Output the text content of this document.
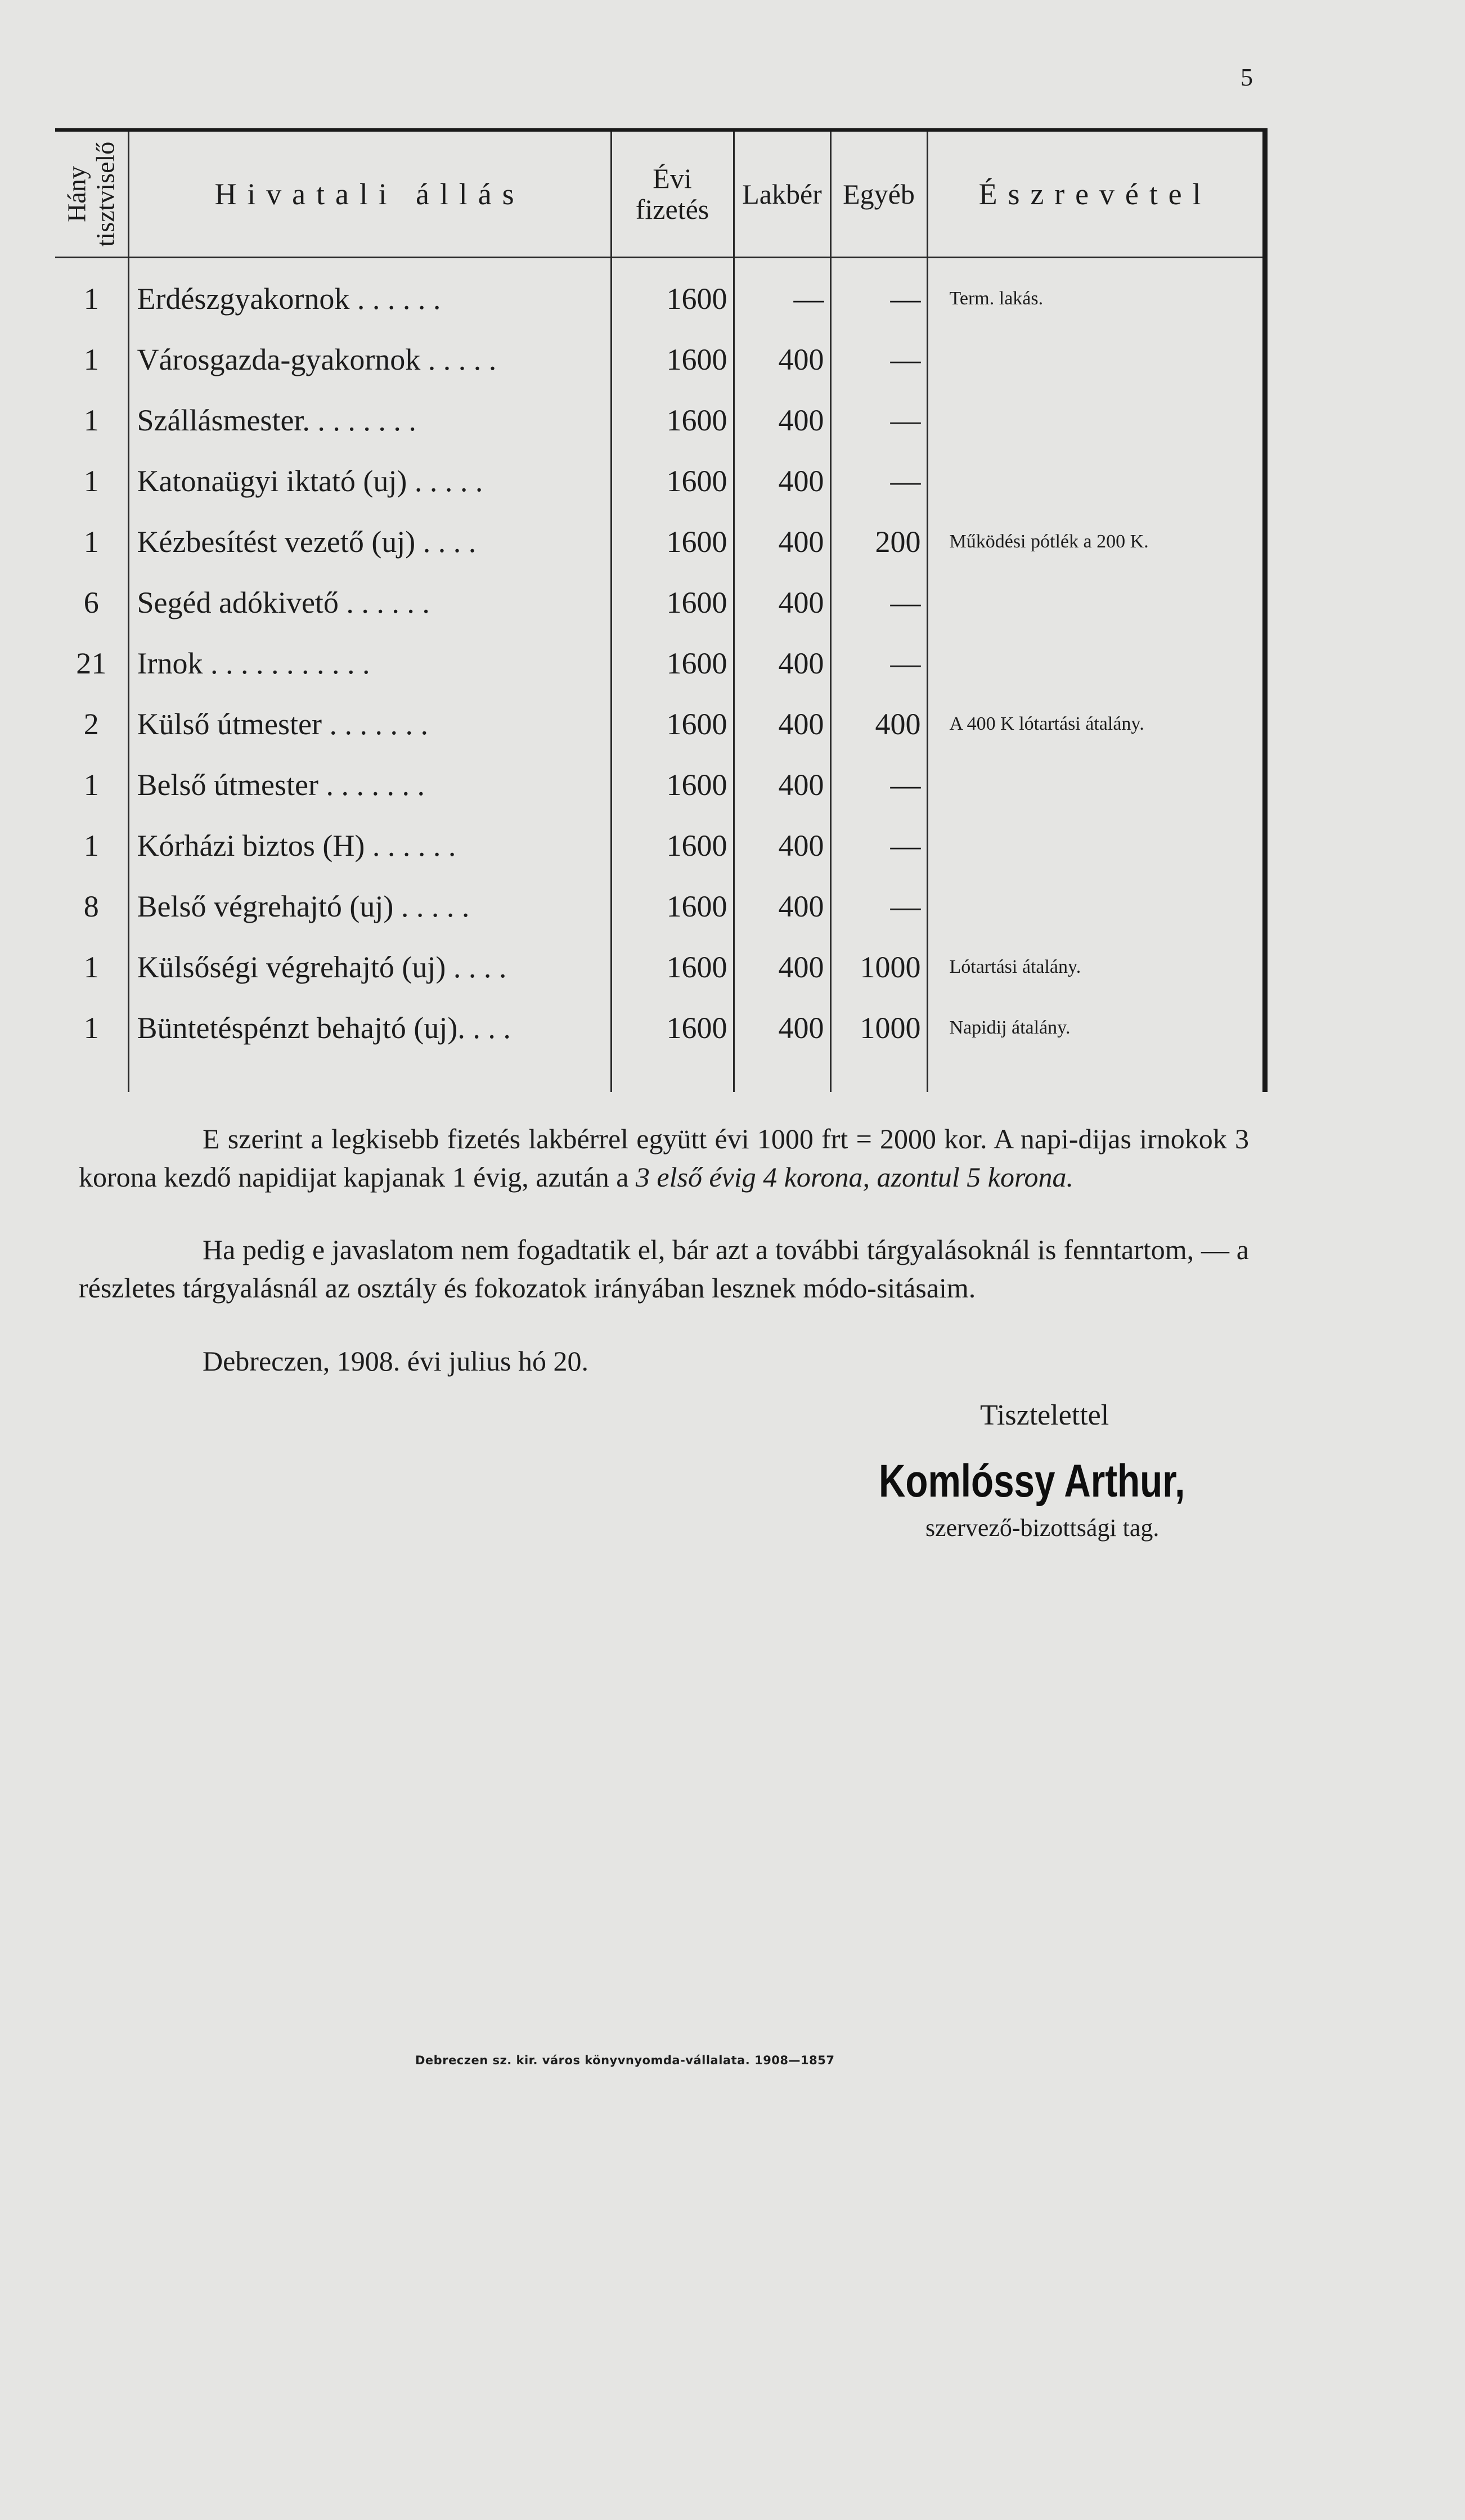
5
Hány
tisztviselő	Hivatali állás	Évi
fizetés	Lakbér	Egyéb	Észrevétel
1	Erdészgyakornok . . . . . .	1600	—	—	Term. lakás.
1	Városgazda-gyakornok . . . . .	1600	400	—	
1	Szállásmester. . . . . . . .	1600	400	—	
1	Katonaügyi iktató (uj) . . . . .	1600	400	—	
1	Kézbesítést vezető (uj) . . . .	1600	400	200	Működési pótlék a 200 K.
6	Segéd adókivető . . . . . .	1600	400	—	
21	Irnok . . . . . . . . . . .	1600	400	—	
2	Külső útmester . . . . . . .	1600	400	400	A 400 K lótartási átalány.
1	Belső útmester . . . . . . .	1600	400	—	
1	Kórházi biztos (H) . . . . . .	1600	400	—	
8	Belső végrehajtó (uj) . . . . .	1600	400	—	
1	Külsőségi végrehajtó (uj) . . . .	1600	400	1000	Lótartási átalány.
1	Büntetéspénzt behajtó (uj). . . .	1600	400	1000	Napidij átalány.

E szerint a legkisebb fizetés lakbérrel együtt évi 1000 frt = 2000 kor. A napi-dijas irnokok 3 korona kezdő napidijat kapjanak 1 évig, azután a 3 első évig 4 korona, azontul 5 korona.
Ha pedig e javaslatom nem fogadtatik el, bár azt a további tárgyalásoknál is fenntartom, — a részletes tárgyalásnál az osztály és fokozatok irányában lesznek módo-sitásaim.
Debreczen, 1908. évi julius hó 20.
Tisztelettel
Komlóssy Arthur,
szervező-bizottsági tag.
Debreczen sz. kir. város könyvnyomda-vállalata. 1908—1857
